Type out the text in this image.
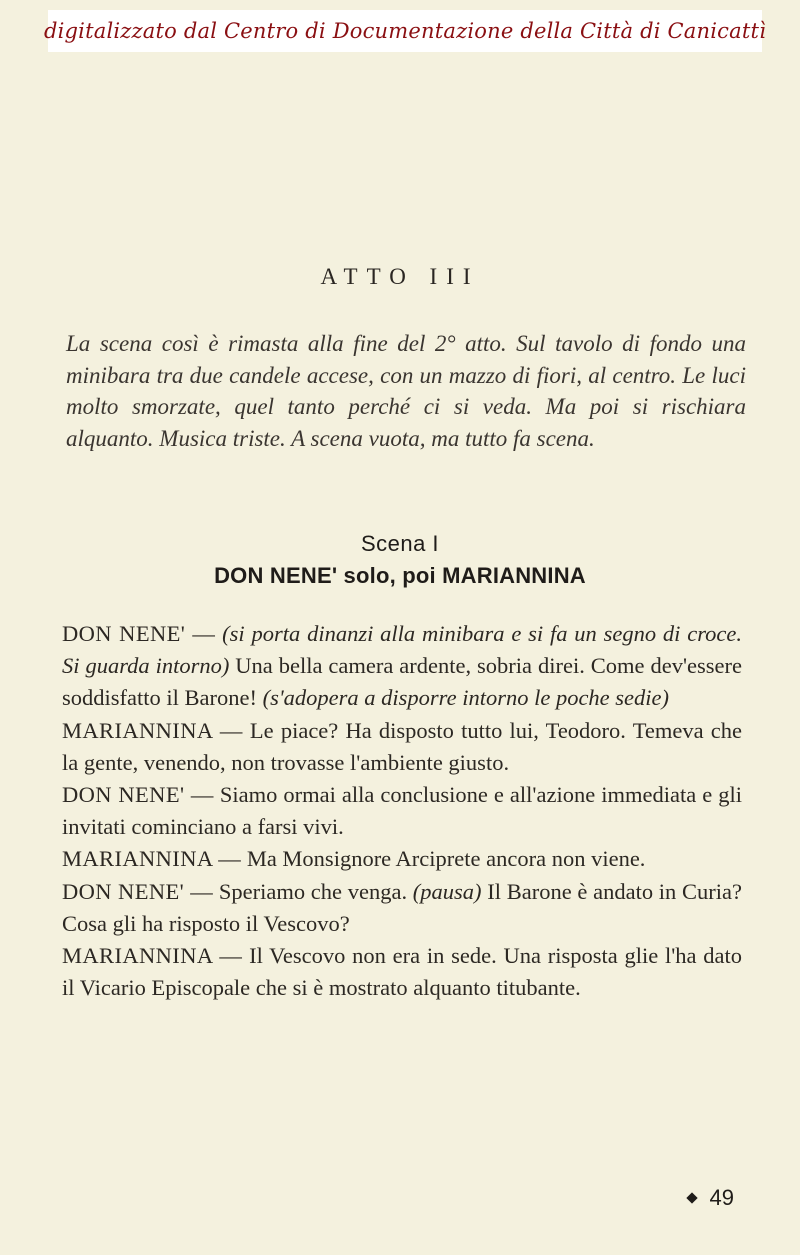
digitalizzato dal Centro di Documentazione della Città di Canicattì
ATTO III
La scena così è rimasta alla fine del 2° atto. Sul tavolo di fondo una minibara tra due candele accese, con un mazzo di fiori, al centro. Le luci molto smorzate, quel tanto perché ci si veda. Ma poi si rischiara alquanto. Musica triste. A scena vuota, ma tutto fa scena.
Scena I
DON NENE' solo, poi MARIANNINA

DON NENE' — (si porta dinanzi alla minibara e si fa un segno di croce. Si guarda intorno) Una bella camera ardente, sobria direi. Come dev'essere soddisfatto il Barone! (s'adopera a disporre intorno le poche sedie)

MARIANNINA — Le piace? Ha disposto tutto lui, Teodoro. Temeva che la gente, venendo, non trovasse l'ambiente giusto.

DON NENE' — Siamo ormai alla conclusione e all'azione immediata e gli invitati cominciano a farsi vivi.

MARIANNINA — Ma Monsignore Arciprete ancora non viene.

DON NENE' — Speriamo che venga. (pausa) Il Barone è andato in Curia? Cosa gli ha risposto il Vescovo?

MARIANNINA — Il Vescovo non era in sede. Una risposta glie l'ha dato il Vicario Episcopale che si è mostrato alquanto titubante.

49
